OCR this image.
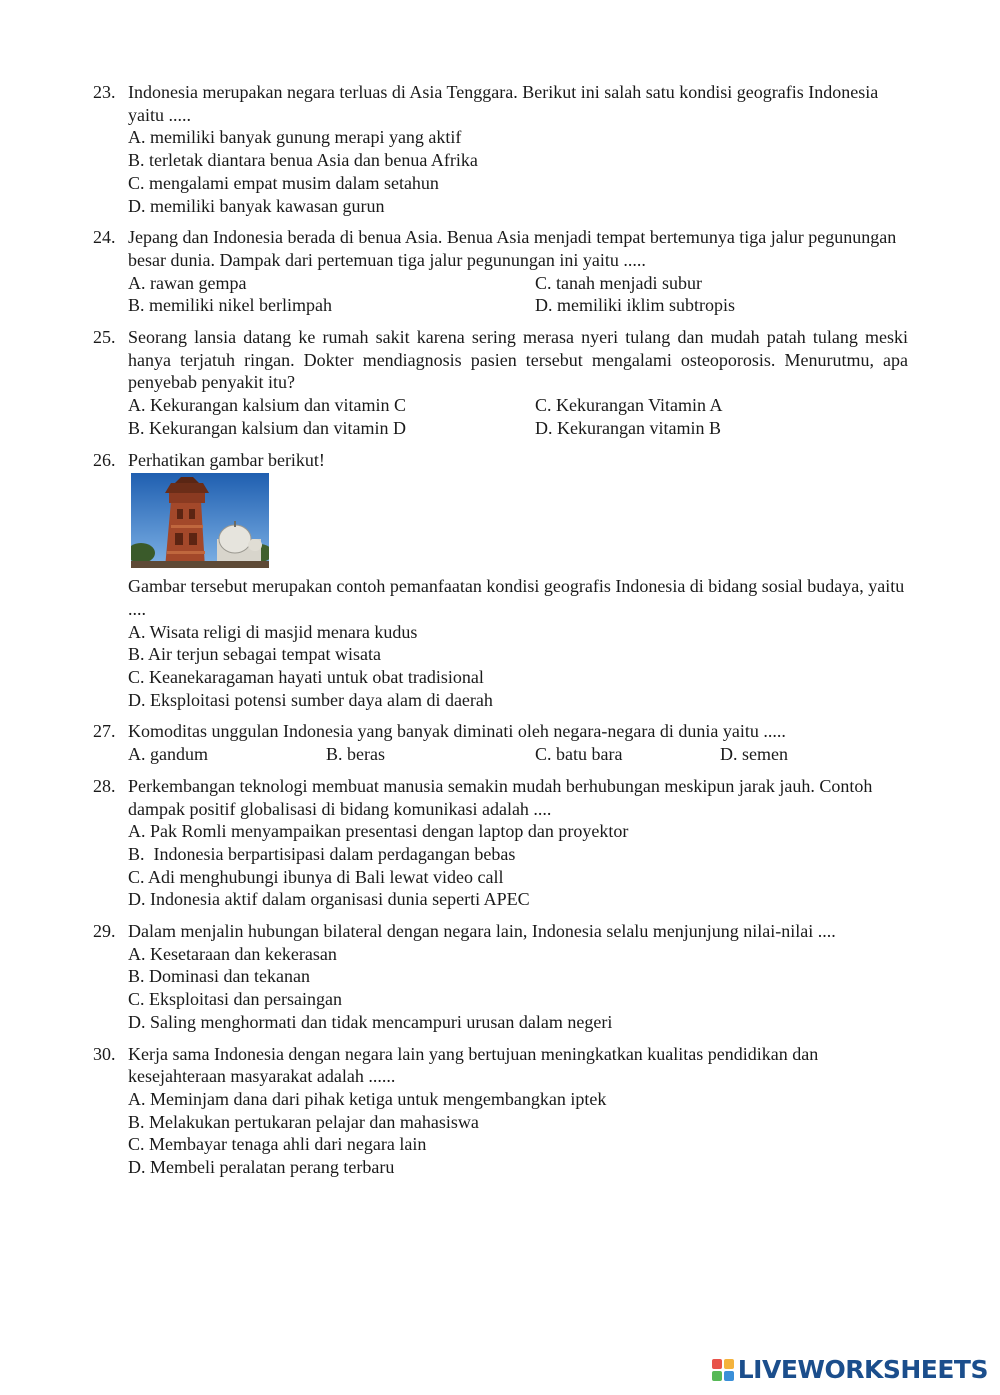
23. Indonesia merupakan negara terluas di Asia Tenggara. Berikut ini salah satu kondisi geografis Indonesia yaitu .....
A. memiliki banyak gunung merapi yang aktif
B. terletak diantara benua Asia dan benua Afrika
C. mengalami empat musim dalam setahun
D. memiliki banyak kawasan gurun
24. Jepang dan Indonesia berada di benua Asia. Benua Asia menjadi tempat bertemunya tiga jalur pegunungan besar dunia. Dampak dari pertemuan tiga jalur pegunungan ini yaitu .....
A. rawan gempa	C. tanah menjadi subur
B. memiliki nikel berlimpah	D. memiliki iklim subtropis
25. Seorang lansia datang ke rumah sakit karena sering merasa nyeri tulang dan mudah patah tulang meski hanya terjatuh ringan. Dokter mendiagnosis pasien tersebut mengalami osteoporosis. Menurutmu, apa penyebab penyakit itu?
A. Kekurangan kalsium dan vitamin C	C. Kekurangan Vitamin A
B. Kekurangan kalsium dan vitamin D	D. Kekurangan vitamin B
26. Perhatikan gambar berikut!
Gambar tersebut merupakan contoh pemanfaatan kondisi geografis Indonesia di bidang sosial budaya, yaitu ....
A. Wisata religi di masjid menara kudus
B. Air terjun sebagai tempat wisata
C. Keanekaragaman hayati untuk obat tradisional
D. Eksploitasi potensi sumber daya alam di daerah
27. Komoditas unggulan Indonesia yang banyak diminati oleh negara-negara di dunia yaitu .....
A. gandum	B. beras	C. batu bara	D. semen
28. Perkembangan teknologi membuat manusia semakin mudah berhubungan meskipun jarak jauh. Contoh dampak positif globalisasi di bidang komunikasi adalah ....
A. Pak Romli menyampaikan presentasi dengan laptop dan proyektor
B.  Indonesia berpartisipasi dalam perdagangan bebas
C. Adi menghubungi ibunya di Bali lewat video call
D. Indonesia aktif dalam organisasi dunia seperti APEC
29. Dalam menjalin hubungan bilateral dengan negara lain, Indonesia selalu menjunjung nilai-nilai ....
A. Kesetaraan dan kekerasan
B. Dominasi dan tekanan
C. Eksploitasi dan persaingan
D. Saling menghormati dan tidak mencampuri urusan dalam negeri
30. Kerja sama Indonesia dengan negara lain yang bertujuan meningkatkan kualitas pendidikan dan kesejahteraan masyarakat adalah ......
A. Meminjam dana dari pihak ketiga untuk mengembangkan iptek
B. Melakukan pertukaran pelajar dan mahasiswa
C. Membayar tenaga ahli dari negara lain
D. Membeli peralatan perang terbaru
LIVEWORKSHEETS
